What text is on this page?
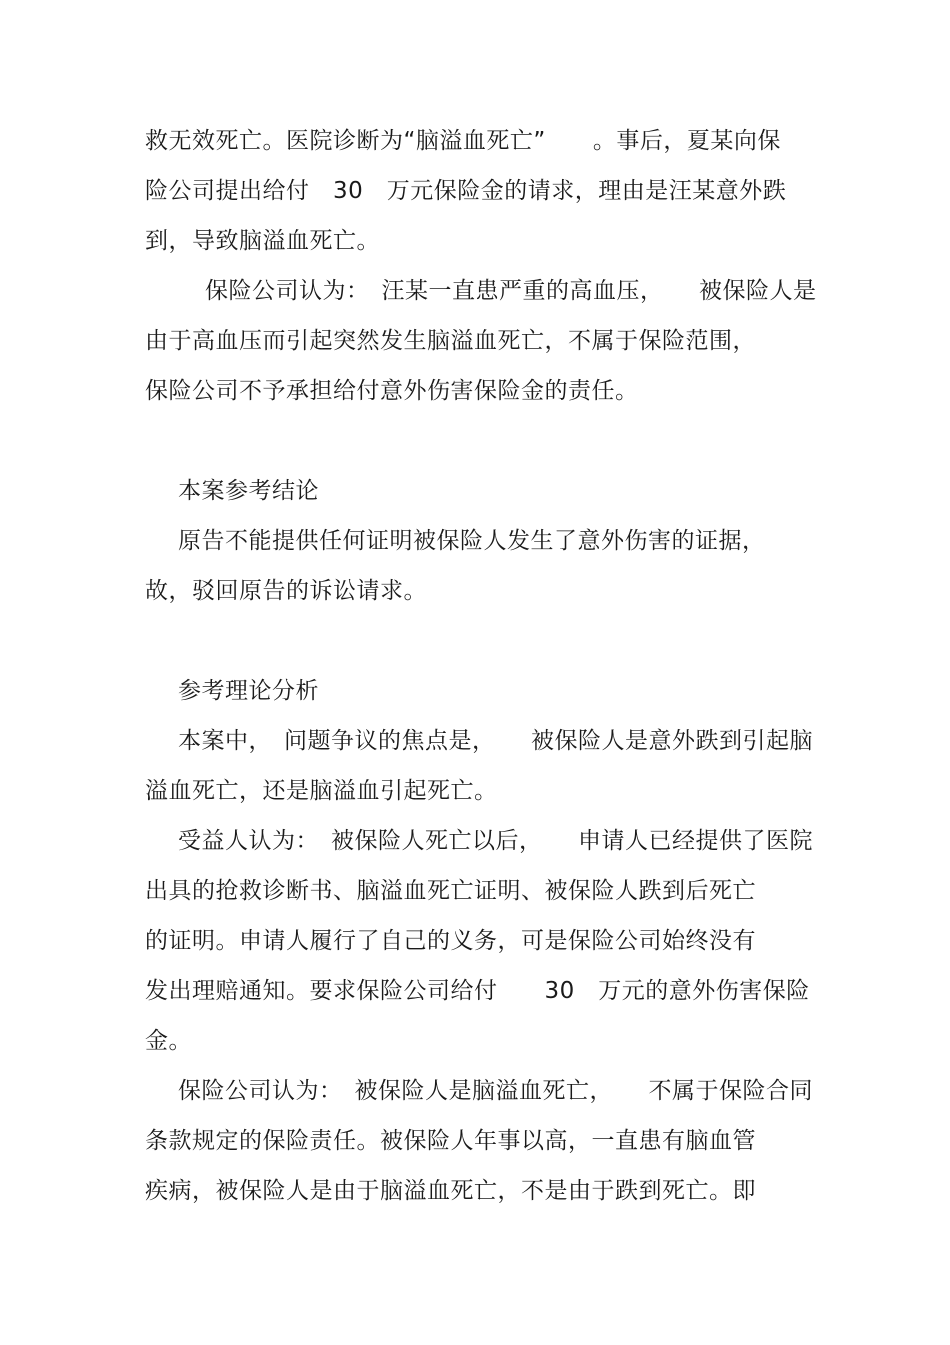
救无效死亡。医院诊断为“脑溢血死亡”　　。事后，夏某向保
险公司提出给付　30　万元保险金的请求，理由是汪某意外跌
到，导致脑溢血死亡。
保险公司认为：　汪某一直患严重的高血压，　　被保险人是
由于高血压而引起突然发生脑溢血死亡，不属于保险范围，
保险公司不予承担给付意外伤害保险金的责任。
本案参考结论
原告不能提供任何证明被保险人发生了意外伤害的证据，
故，驳回原告的诉讼请求。
参考理论分析
本案中，　问题争议的焦点是，　　被保险人是意外跌到引起脑
溢血死亡，还是脑溢血引起死亡。
受益人认为：　被保险人死亡以后，　　申请人已经提供了医院
出具的抢救诊断书、脑溢血死亡证明、被保险人跌到后死亡
的证明。申请人履行了自己的义务，可是保险公司始终没有
发出理赔通知。要求保险公司给付　　30　万元的意外伤害保险
金。
保险公司认为：　被保险人是脑溢血死亡，　　不属于保险合同
条款规定的保险责任。被保险人年事以高，一直患有脑血管
疾病，被保险人是由于脑溢血死亡，不是由于跌到死亡。即
